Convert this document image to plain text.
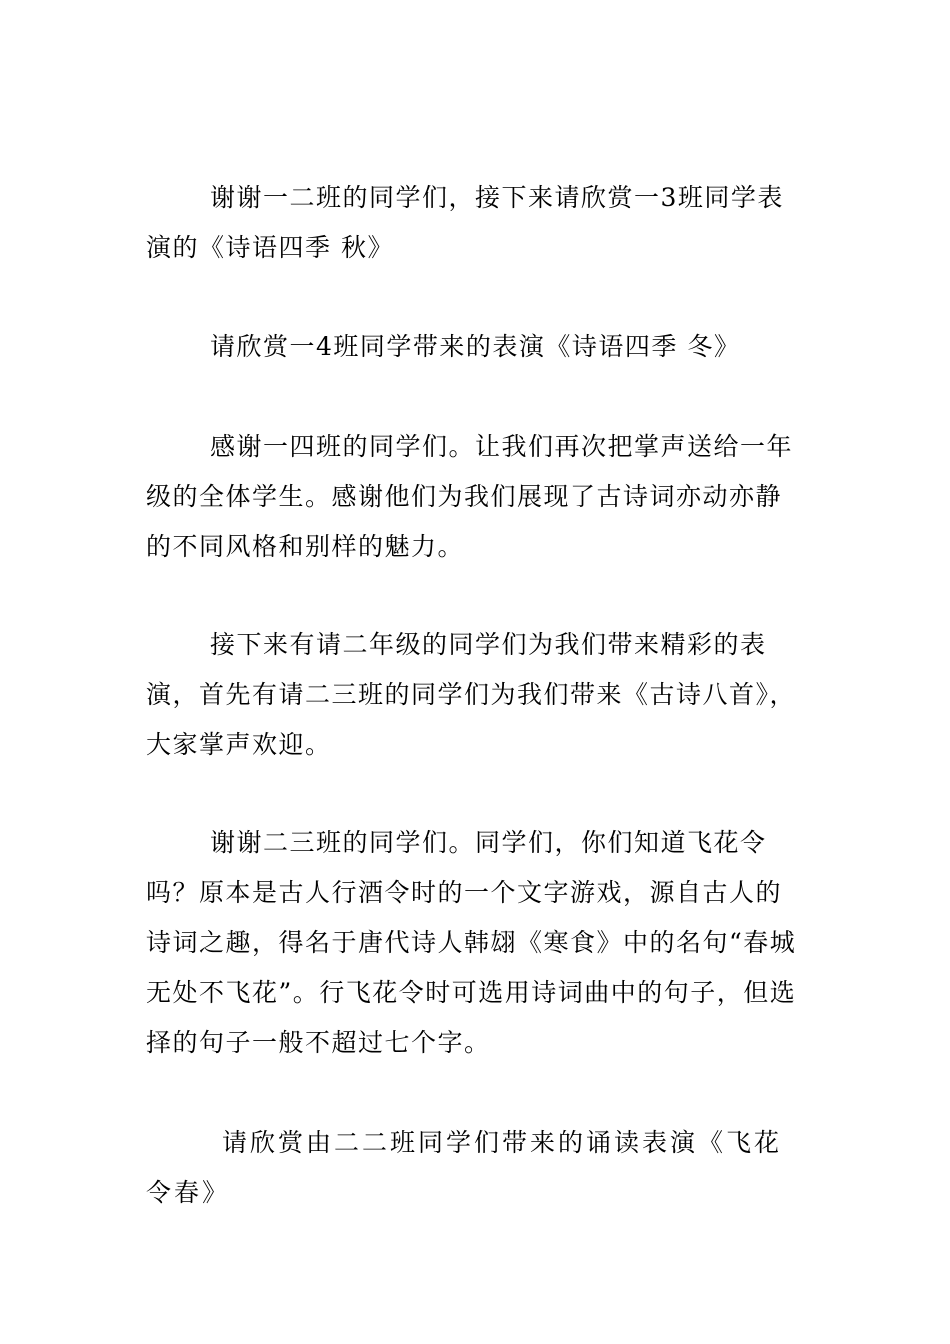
谢谢一二班的同学们，接下来请欣赏一3班同学表演的《诗语四季 秋》

请欣赏一4班同学带来的表演《诗语四季 冬》

感谢一四班的同学们。让我们再次把掌声送给一年级的全体学生。感谢他们为我们展现了古诗词亦动亦静的不同风格和别样的魅力。

接下来有请二年级的同学们为我们带来精彩的表演，首先有请二三班的同学们为我们带来《古诗八首》，大家掌声欢迎。

谢谢二三班的同学们。同学们，你们知道飞花令吗？原本是古人行酒令时的一个文字游戏，源自古人的诗词之趣，得名于唐代诗人韩翃《寒食》中的名句“春城无处不飞花”。行飞花令时可选用诗词曲中的句子，但选择的句子一般不超过七个字。

请欣赏由二二班同学们带来的诵读表演《飞花令春》
